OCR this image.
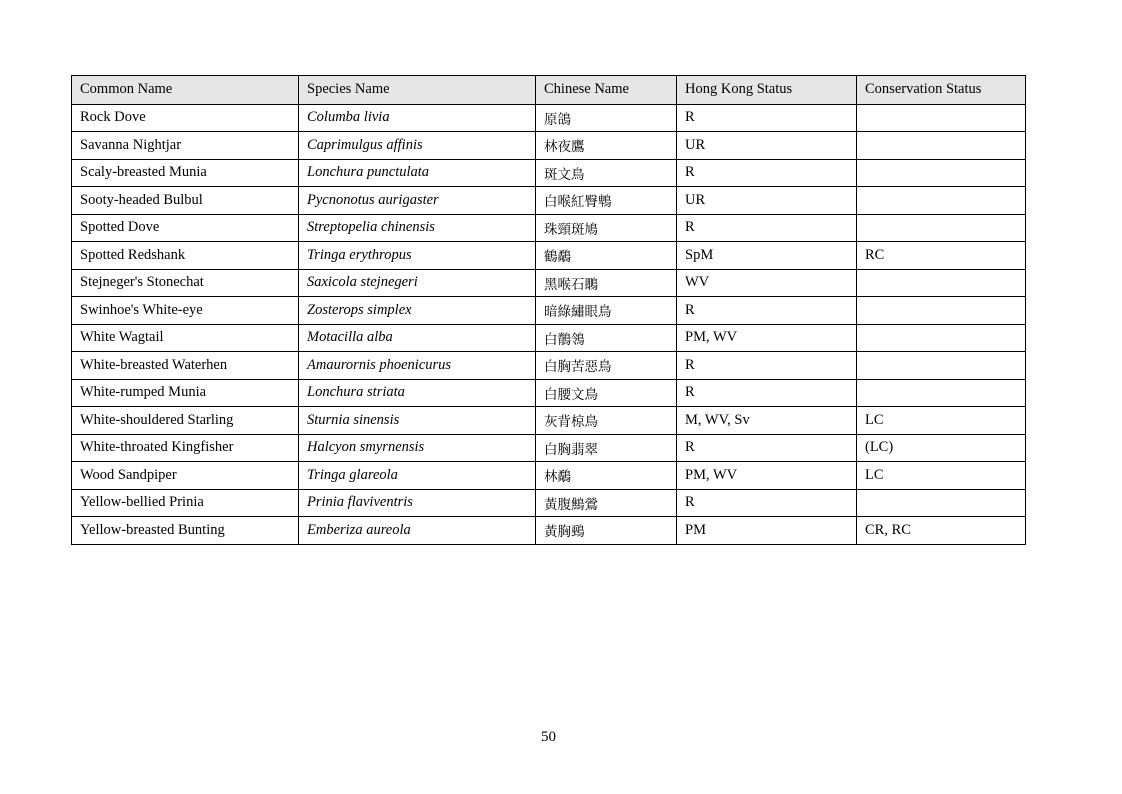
Common Name	Species Name	Chinese Name	Hong Kong Status	Conservation Status
Rock Dove	Columba livia	原鴿	R	
Savanna Nightjar	Caprimulgus affinis	林夜鷹	UR	
Scaly-breasted Munia	Lonchura punctulata	斑文鳥	R	
Sooty-headed Bulbul	Pycnonotus aurigaster	白喉紅臀鵯	UR	
Spotted Dove	Streptopelia chinensis	珠頸斑鳩	R	
Spotted Redshank	Tringa erythropus	鶴鷸	SpM	RC
Stejneger's Stonechat	Saxicola stejnegeri	黑喉石䳭	WV	
Swinhoe's White-eye	Zosterops simplex	暗綠繡眼鳥	R	
White Wagtail	Motacilla alba	白鶺鴒	PM, WV	
White-breasted Waterhen	Amaurornis phoenicurus	白胸苦惡鳥	R	
White-rumped Munia	Lonchura striata	白腰文鳥	R	
White-shouldered Starling	Sturnia sinensis	灰背椋鳥	M, WV, Sv	LC
White-throated Kingfisher	Halcyon smyrnensis	白胸翡翠	R	(LC)
Wood Sandpiper	Tringa glareola	林鷸	PM, WV	LC
Yellow-bellied Prinia	Prinia flaviventris	黃腹鷦鶯	R	
Yellow-breasted Bunting	Emberiza aureola	黃胸鵐	PM	CR, RC
50
